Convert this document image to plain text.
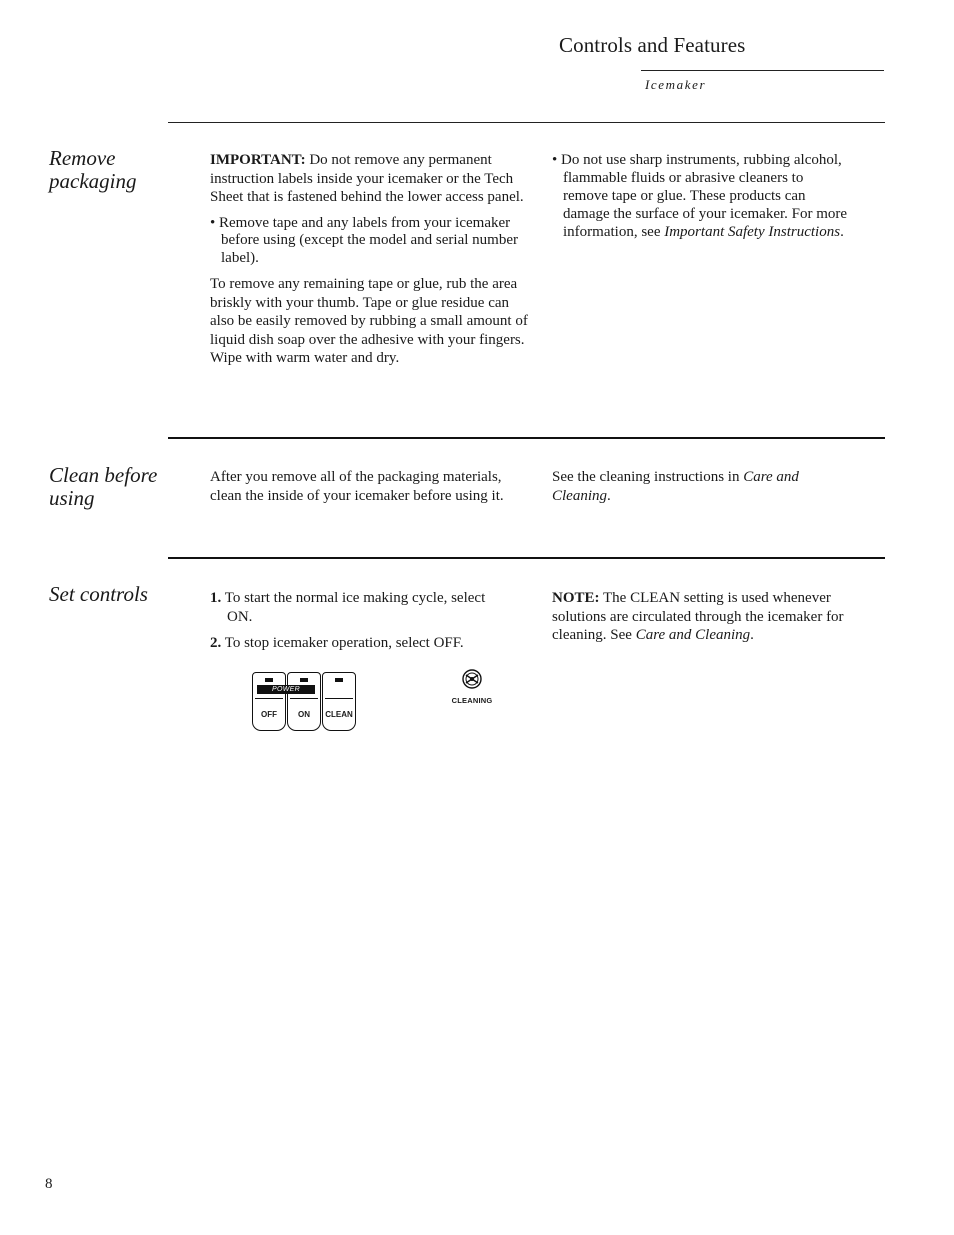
Controls and Features
Icemaker
Remove packaging

IMPORTANT: Do not remove any permanent instruction labels inside your icemaker or the Tech Sheet that is fastened behind the lower access panel.

• Remove tape and any labels from your icemaker before using (except the model and serial number label).

To remove any remaining tape or glue, rub the area briskly with your thumb. Tape or glue residue can also be easily removed by rubbing a small amount of liquid dish soap over the adhesive with your fingers. Wipe with warm water and dry.

• Do not use sharp instruments, rubbing alcohol, flammable fluids or abrasive cleaners to remove tape or glue. These products can damage the surface of your icemaker. For more information, see Important Safety Instructions.

Clean before using

After you remove all of the packaging materials, clean the inside of your icemaker before using it.

See the cleaning instructions in Care and Cleaning.

Set controls	1. To start the normal ice making cycle, select ON.

2. To stop icemaker operation, select OFF.

NOTE: The CLEAN setting is used whenever solutions are circulated through the icemaker for cleaning. See Care and Cleaning.

OFF	ON	CLEAN
POWER
CLEANING
8
